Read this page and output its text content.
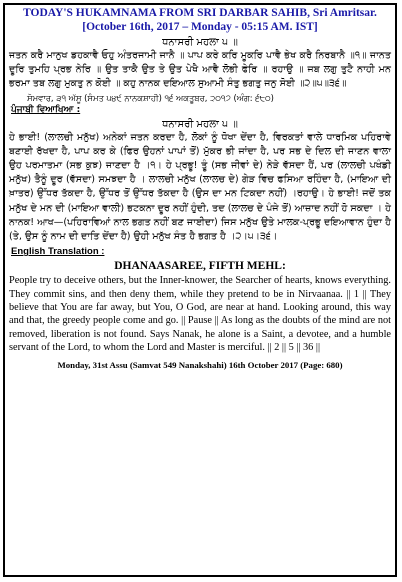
TODAY'S HUKAMNAMA FROM SRI DARBAR SAHIB, Sri Amritsar.
[October 16th, 2017 – Monday - 05:15 AM. IST]
ਧਨਾਸਰੀ ਮਹਲਾ ੫ ॥
ਜਤਨ ਕਰੈ ਮਾਨੁਖ ਡਹਕਾਵੈ ਓਹੁ ਅੰਤਰਜਾਮੀ ਜਾਨੈ ॥ ਪਾਪ ਕਰੇ ਕਰਿ ਮੂਕਰਿ ਪਾਵੈ ਭੇਖ ਕਰੈ ਨਿਰਬਾਨੈ ॥੧॥ ਜਾਨਤ ਦੂਰਿ ਤੁਮਹਿ ਪ੍ਰਭ ਨੇਰਿ ॥ ਉਤ ਤਾਕੈ ਉਤ ਤੇ ਉਤ ਪੇਖੈ ਆਵੈ ਲੋਭੀ ਫੇਰਿ ॥ ਰਹਾਉ ॥ ਜਬ ਲਗੁ ਤੁਟੈ ਨਾਹੀ ਮਨ ਭਰਮਾ ਤਬ ਲਗੁ ਮੁਕਤੁ ਨ ਕੋਈ ॥ ਕਹੁ ਨਾਨਕ ਦਇਆਲ ਸੁਆਮੀ ਸੰਤੁ ਭਗਤੁ ਜਨੁ ਸੋਈ ॥੨॥੫॥੩੬॥
ਸੋਮਵਾਰ, ੩੧ ਅੱਸੂ (ਸੰਮਤ ੫੪੯ ਨਾਨਕਸ਼ਾਹੀ) ੧੬ ਅਕਤੂਬਰ, ੨੦੧੭ (ਅੰਗ: ੬੮੦)
ਪੰਜਾਬੀ ਵਿਆਖਿਆ :
ਧਨਾਸਰੀ ਮਹਲਾ ੫ ॥
ਹੇ ਭਾਈ! (ਲਾਲਚੀ ਮਨੁੱਖ) ਅਨੇਕਾਂ ਜਤਨ ਕਰਦਾ ਹੈ, ਲੋਕਾਂ ਨੂੰ ਧੋਖਾ ਦੇਂਦਾ ਹੈ, ਵਿਰਕਤਾਂ ਵਾਲੇ ਧਾਰਮਿਕ ਪਹਿਰਾਵੇ ਬਣਾਈ ਰੱਖਦਾ ਹੈ, ਪਾਪ ਕਰ ਕੇ (ਫਿਰ ਉਹਨਾਂ ਪਾਪਾਂ ਤੋਂ) ਮੁੱਕਰ ਭੀ ਜਾਂਦਾ ਹੈ, ਪਰ ਸਭ ਦੇ ਦਿਲ ਦੀ ਜਾਣਨ ਵਾਲਾ ਉਹ ਪਰਮਾਤਮਾ (ਸਭ ਕੁਝ) ਜਾਣਦਾ ਹੈ ।੧। ਹੇ ਪ੍ਰਭੂ! ਤੂੰ (ਸਭ ਜੀਵਾਂ ਦੇ) ਨੇੜੇ ਵੱਸਦਾ ਹੈਂ, ਪਰ (ਲਾਲਚੀ ਪਖੰਡੀ ਮਨੁੱਖ) ਤੈਨੂੰ ਦੂਰ (ਵੱਸਦਾ) ਸਮਝਦਾ ਹੈ । ਲਾਲਚੀ ਮਨੁੱਖ (ਲਾਲਚ ਦੇ) ਗੇੜ ਵਿਚ ਫਸਿਆ ਰਹਿੰਦਾ ਹੈ, (ਮਾਇਆ ਦੀ ਖ਼ਾਤਰ) ਉੱਧਰ ਤੱਕਦਾ ਹੈ, ਉੱਧਰ ਤੋਂ ਉੱਧਰ ਤੱਕਦਾ ਹੈ (ਉਸ ਦਾ ਮਨ ਟਿਕਦਾ ਨਹੀਂ) ।ਰਹਾਉ। ਹੇ ਭਾਈ! ਜਦੋਂ ਤਕ ਮਨੁੱਖ ਦੇ ਮਨ ਦੀ (ਮਾਇਆ ਵਾਲੀ) ਭਟਕਨਾ ਦੂਰ ਨਹੀਂ ਹੁੰਦੀ, ਤਦ (ਲਾਲਚ ਦੇ ਪੰਜੇ ਤੋਂ) ਆਜ਼ਾਦ ਨਹੀਂ ਹੋ ਸਕਦਾ । ਹੇ ਨਾਨਕ! ਆਖ—(ਪਹਿਰਾਵਿਆਂ ਨਾਲ ਭਗਤ ਨਹੀਂ ਬਣ ਜਾਈਦਾ) ਜਿਸ ਮਨੁੱਖ ਉਤੇ ਮਾਲਕ-ਪ੍ਰਭੂ ਦਇਆਵਾਨ ਹੁੰਦਾ ਹੈ (ਤੇ, ਉਸ ਨੂੰ ਨਾਮ ਦੀ ਦਾਤਿ ਦੇਂਦਾ ਹੈ) ਉਹੀ ਮਨੁੱਖ ਸੰਤ ਹੈ ਭਗਤ ਹੈ ।੨।੫।੩੬।
English Translation :
DHANAASAREE, FIFTH MEHL:
People try to deceive others, but the Inner-knower, the Searcher of hearts, knows everything. They commit sins, and then deny them, while they pretend to be in Nirvaanaa. || 1 || They believe that You are far away, but You, O God, are near at hand. Looking around, this way and that, the greedy people come and go. || Pause || As long as the doubts of the mind are not removed, liberation is not found. Says Nanak, he alone is a Saint, a devotee, and a humble servant of the Lord, to whom the Lord and Master is merciful. || 2 || 5 || 36 ||
Monday, 31st Assu (Samvat 549 Nanakshahi) 16th October 2017 (Page: 680)
